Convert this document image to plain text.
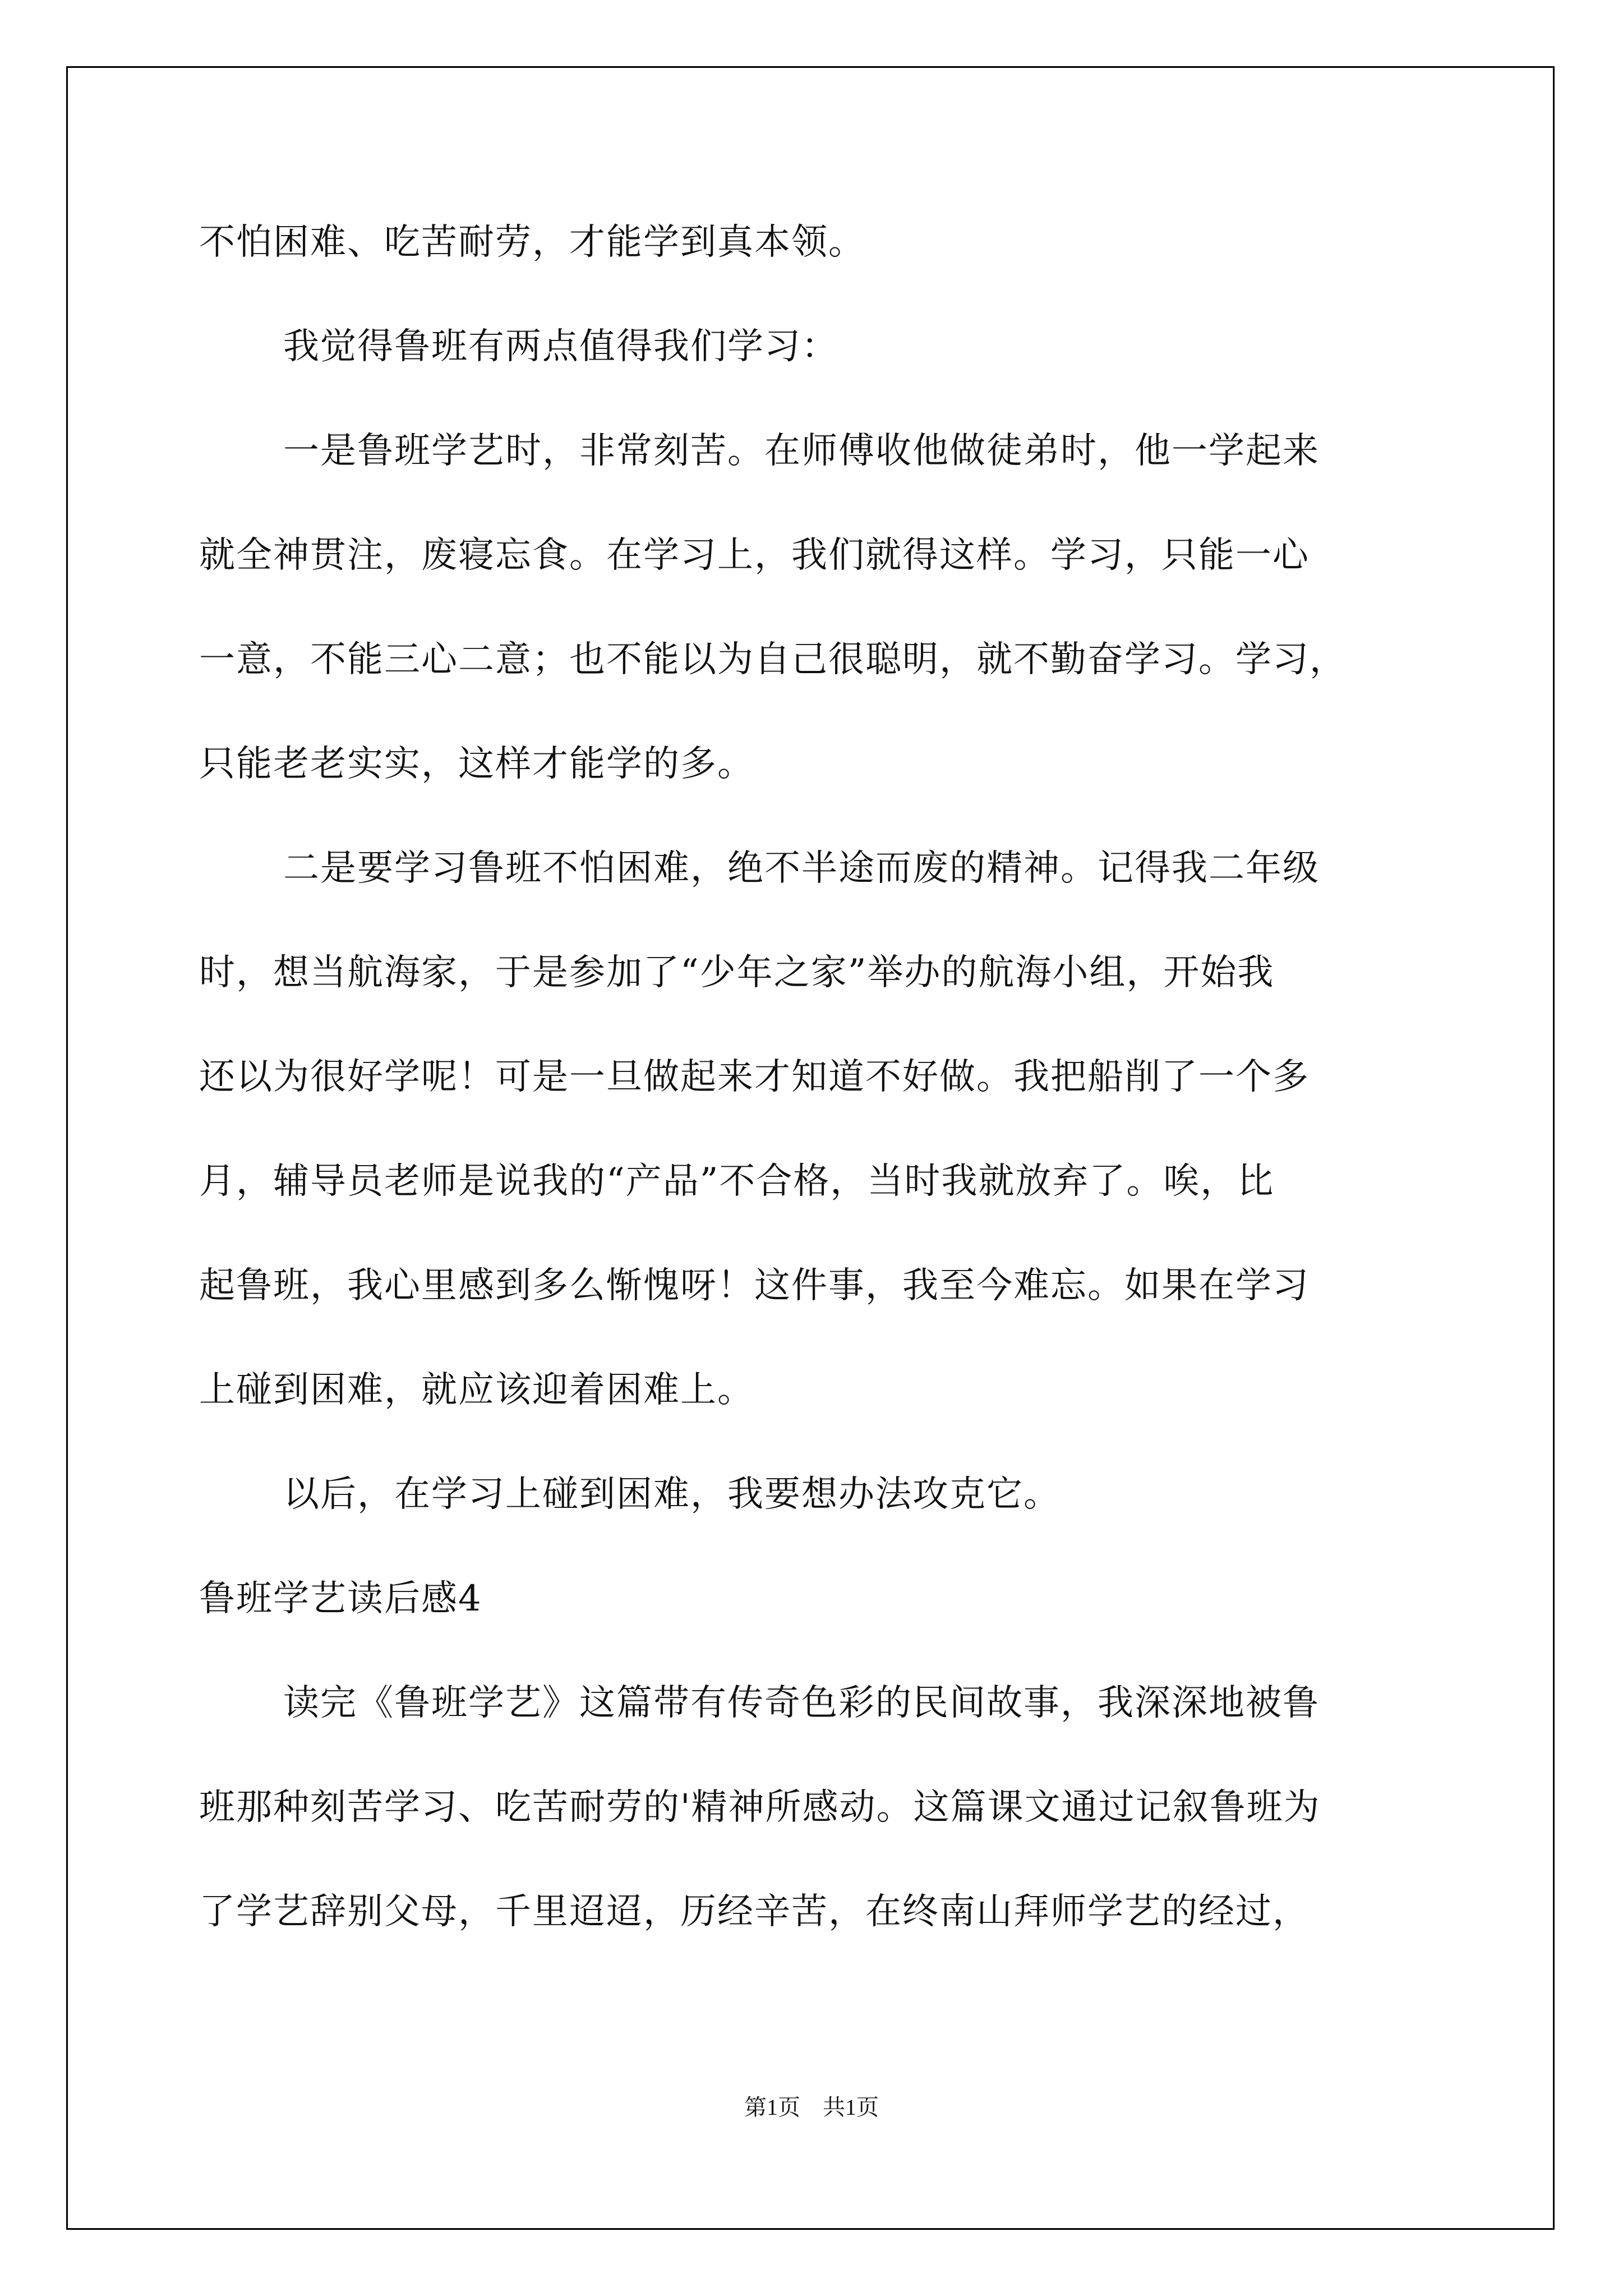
不怕困难、吃苦耐劳，才能学到真本领。
我觉得鲁班有两点值得我们学习：
一是鲁班学艺时，非常刻苦。在师傅收他做徒弟时，他一学起来
就全神贯注，废寝忘食。在学习上，我们就得这样。学习，只能一心
一意，不能三心二意；也不能以为自己很聪明，就不勤奋学习。学习，
只能老老实实，这样才能学的多。
二是要学习鲁班不怕困难，绝不半途而废的精神。记得我二年级
时，想当航海家，于是参加了“少年之家”举办的航海小组，开始我
还以为很好学呢！可是一旦做起来才知道不好做。我把船削了一个多
月，辅导员老师是说我的“产品”不合格，当时我就放弃了。唉，比
起鲁班，我心里感到多么惭愧呀！这件事，我至今难忘。如果在学习
上碰到困难，就应该迎着困难上。
以后，在学习上碰到困难，我要想办法攻克它。
鲁班学艺读后感4
读完《鲁班学艺》这篇带有传奇色彩的民间故事，我深深地被鲁
班那种刻苦学习、吃苦耐劳的'精神所感动。这篇课文通过记叙鲁班为
了学艺辞别父母，千里迢迢，历经辛苦，在终南山拜师学艺的经过，
第1页　共1页
